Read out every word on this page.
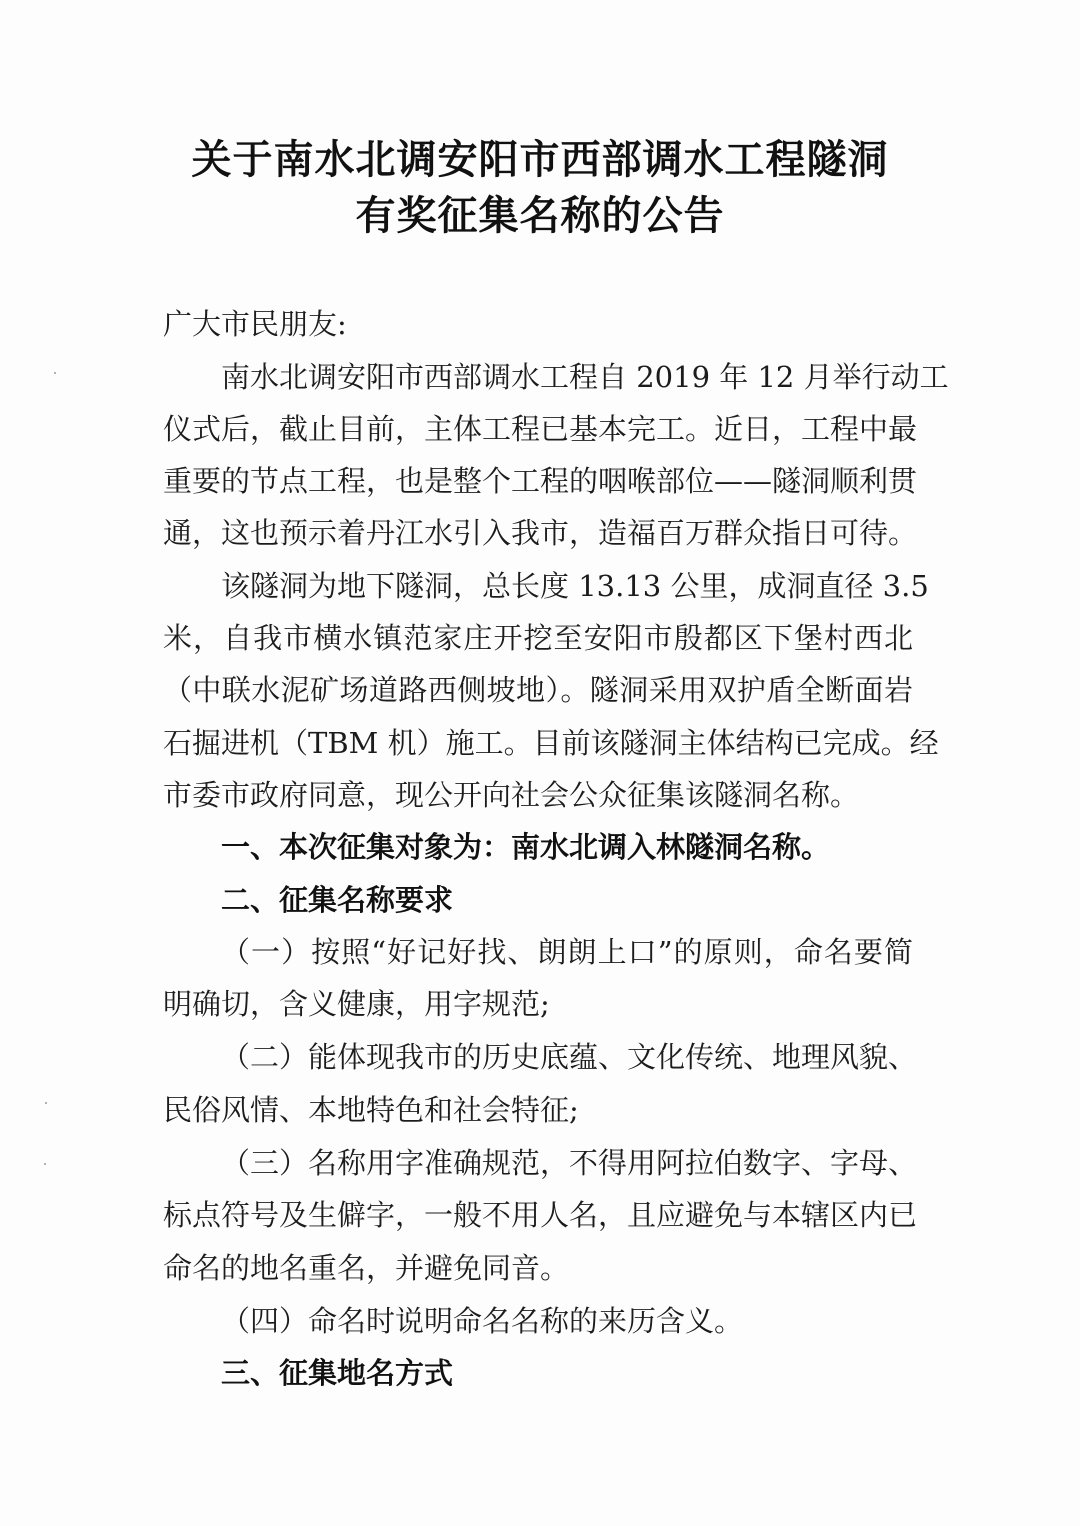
关于南水北调安阳市西部调水工程隧洞
有奖征集名称的公告
广大市民朋友:
南水北调安阳市西部调水工程自 2019 年 12 月举行动工
仪式后，截止目前，主体工程已基本完工。近日，工程中最
重要的节点工程，也是整个工程的咽喉部位——隧洞顺利贯
通，这也预示着丹江水引入我市，造福百万群众指日可待。
该隧洞为地下隧洞，总长度 13.13 公里，成洞直径 3.5
米，自我市横水镇范家庄开挖至安阳市殷都区下堡村西北
（中联水泥矿场道路西侧坡地）。隧洞采用双护盾全断面岩
石掘进机（TBM 机）施工。目前该隧洞主体结构已完成。经
市委市政府同意，现公开向社会公众征集该隧洞名称。
一、本次征集对象为：南水北调入林隧洞名称。
二、征集名称要求
（一）按照“好记好找、朗朗上口”的原则，命名要简
明确切，含义健康，用字规范;
（二）能体现我市的历史底蕴、文化传统、地理风貌、
民俗风情、本地特色和社会特征;
（三）名称用字准确规范，不得用阿拉伯数字、字母、
标点符号及生僻字，一般不用人名，且应避免与本辖区内已
命名的地名重名，并避免同音。
（四）命名时说明命名名称的来历含义。
三、征集地名方式
